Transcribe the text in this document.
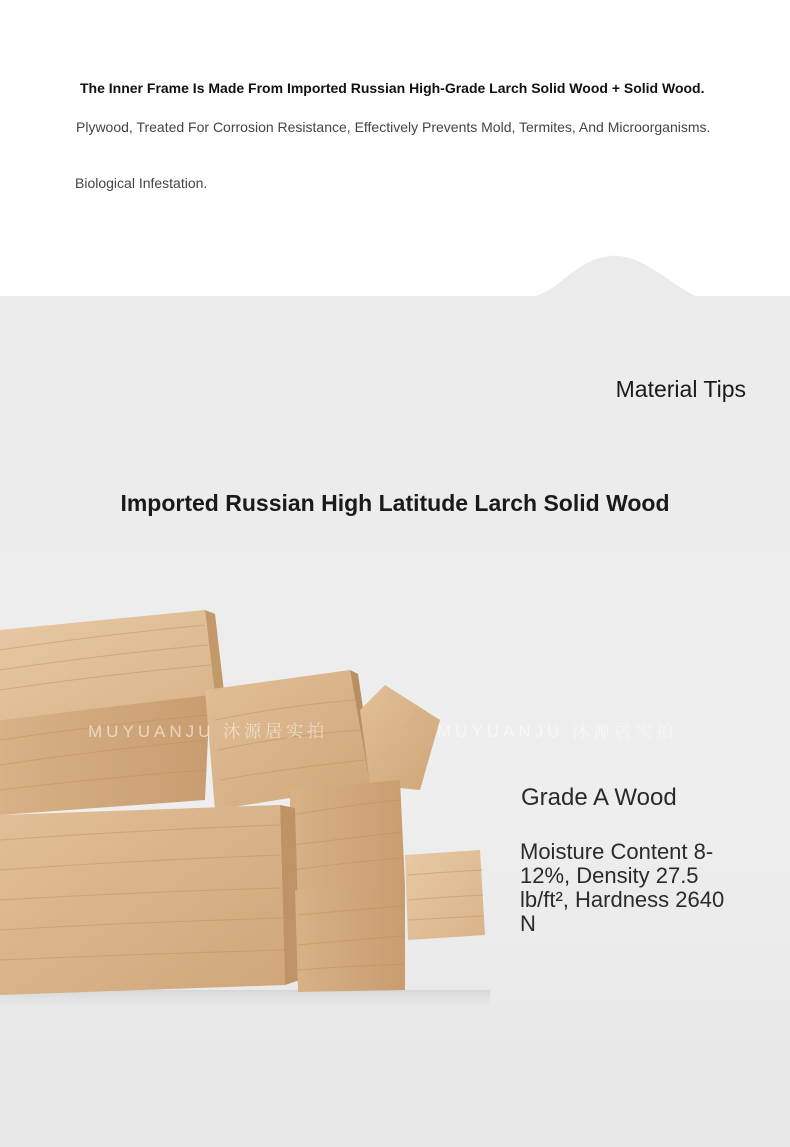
The Inner Frame Is Made From Imported Russian High-Grade Larch Solid Wood + Solid Wood.
Plywood, Treated For Corrosion Resistance, Effectively Prevents Mold, Termites, And Microorganisms.
Biological Infestation.
Material Tips
Imported Russian High Latitude Larch Solid Wood
MUYUANJU 沐源居实拍	MUYUANJU 沐源居实拍
Grade A Wood
Moisture Content 8-12%, Density 27.5 lb/ft², Hardness 2640 N
